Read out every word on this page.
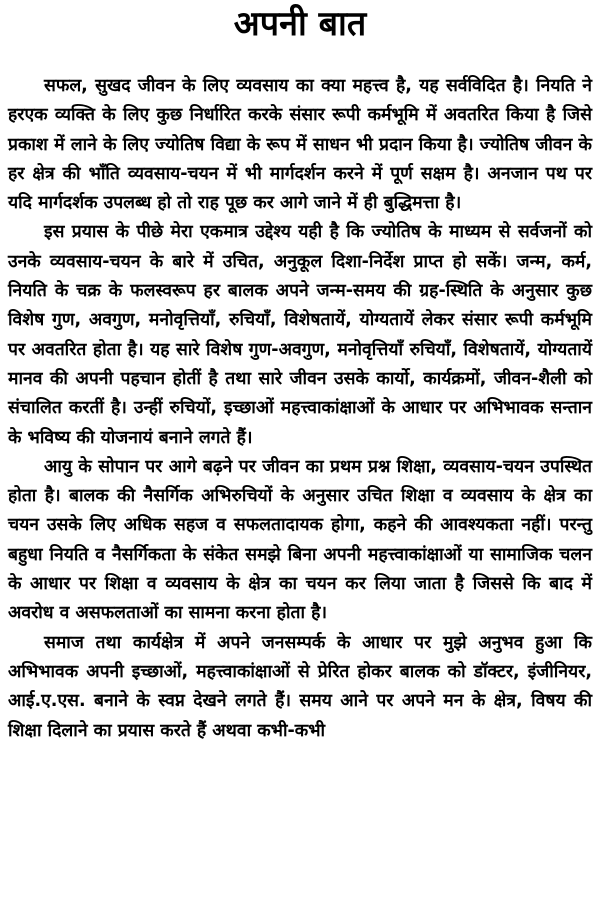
अपनी बात

सफल, सुखद जीवन के लिए व्यवसाय का क्या महत्त्व है, यह सर्वविदित है। नियति ने हरएक व्यक्ति के लिए कुछ निर्धारित करके संसार रूपी कर्मभूमि में अवतरित किया है जिसे प्रकाश में लाने के लिए ज्योतिष विद्या के रूप में साधन भी प्रदान किया है। ज्योतिष जीवन के हर क्षेत्र की भाँति व्यवसाय-चयन में भी मार्गदर्शन करने में पूर्ण सक्षम है। अनजान पथ पर यदि मार्गदर्शक उपलब्ध हो तो राह पूछ कर आगे जाने में ही बुद्धिमत्ता है।

इस प्रयास के पीछे मेरा एकमात्र उद्देश्य यही है कि ज्योतिष के माध्यम से सर्वजनों को उनके व्यवसाय-चयन के बारे में उचित, अनुकूल दिशा-निर्देश प्राप्त हो सकें। जन्म, कर्म, नियति के चक्र के फलस्वरूप हर बालक अपने जन्म-समय की ग्रह-स्थिति के अनुसार कुछ विशेष गुण, अवगुण, मनोवृत्तियाँ, रुचियाँ, विशेषतायें, योग्यतायें लेकर संसार रूपी कर्मभूमि पर अवतरित होता है। यह सारे विशेष गुण-अवगुण, मनोवृत्तियाँ रुचियाँ, विशेषतायें, योग्यतायें मानव की अपनी पहचान होतीं है तथा सारे जीवन उसके कार्यो, कार्यक्रमों, जीवन-शैली को संचालित करतीं है। उन्हीं रुचियों, इच्छाओं महत्त्वाकांक्षाओं के आधार पर अभिभावक सन्तान के भविष्य की योजनायं बनाने लगते हैं।

आयु के सोपान पर आगे बढ़ने पर जीवन का प्रथम प्रश्न शिक्षा, व्यवसाय-चयन उपस्थित होता है। बालक की नैसर्गिक अभिरुचियों के अनुसार उचित शिक्षा व व्यवसाय के क्षेत्र का चयन उसके लिए अधिक सहज व सफलतादायक होगा, कहने की आवश्यकता नहीं। परन्तु बहुधा नियति व नैसर्गिकता के संकेत समझे बिना अपनी महत्त्वाकांक्षाओं या सामाजिक चलन के आधार पर शिक्षा व व्यवसाय के क्षेत्र का चयन कर लिया जाता है जिससे कि बाद में अवरोध व असफलताओं का सामना करना होता है।

समाज तथा कार्यक्षेत्र में अपने जनसम्पर्क के आधार पर मुझे अनुभव हुआ कि अभिभावक अपनी इच्छाओं, महत्त्वाकांक्षाओं से प्रेरित होकर बालक को डॉक्टर, इंजीनियर, आई.ए.एस. बनाने के स्वप्न देखने लगते हैं। समय आने पर अपने मन के क्षेत्र, विषय की शिक्षा दिलाने का प्रयास करते हैं अथवा कभी-कभी
